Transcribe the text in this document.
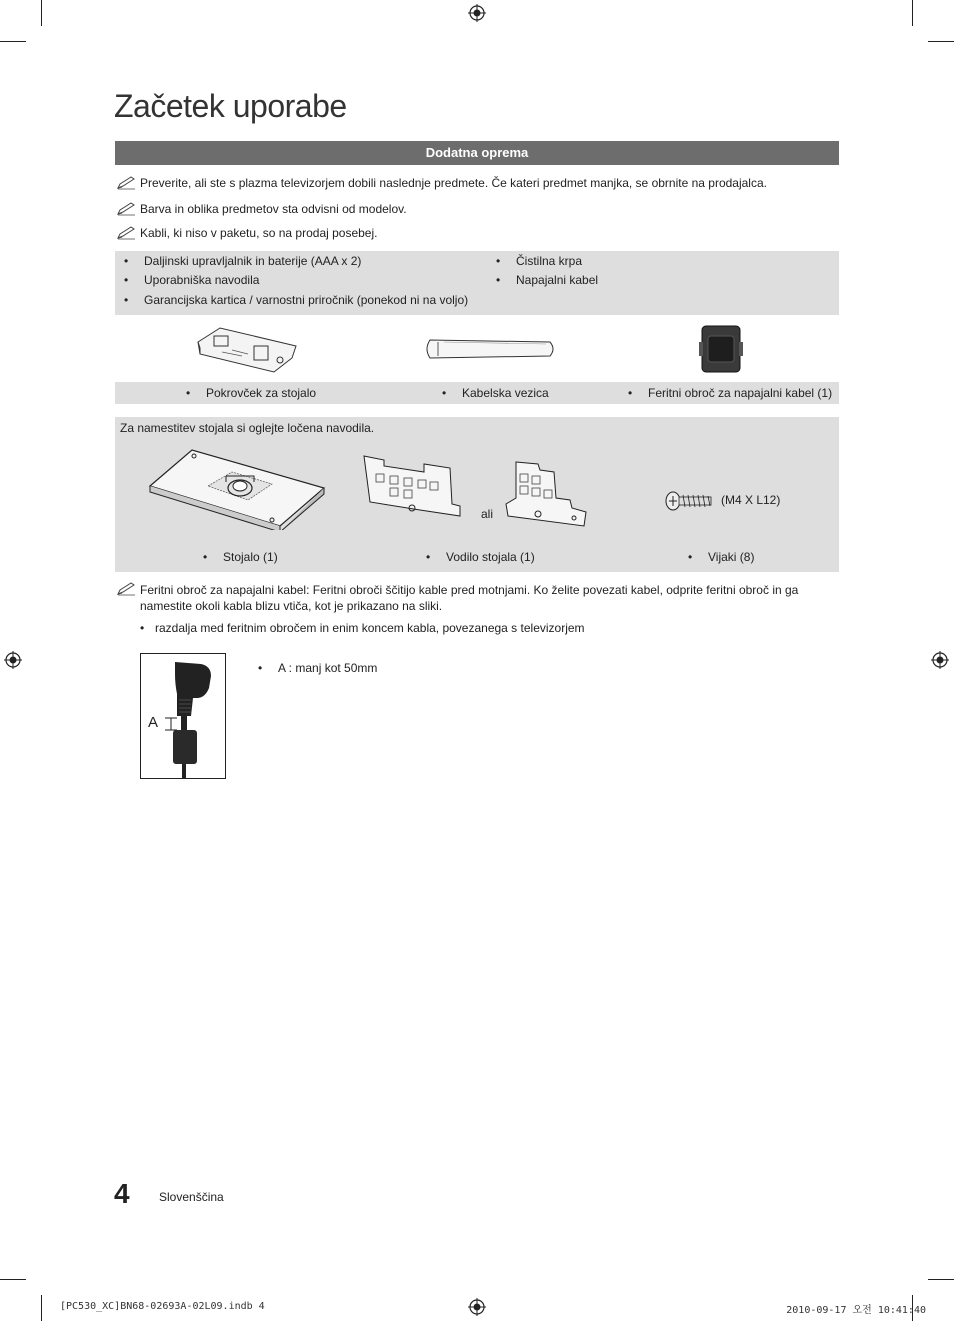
Začetek uporabe
Dodatna oprema
Preverite, ali ste s plazma televizorjem dobili naslednje predmete. Če kateri predmet manjka, se obrnite na prodajalca.
Barva in oblika predmetov sta odvisni od modelov.
Kabli, ki niso v paketu, so na prodaj posebej.
• Daljinski upravljalnik in baterije (AAA x 2)
• Uporabniška navodila
• Garancijska kartica / varnostni priročnik (ponekod ni na voljo)
• Čistilna krpa
• Napajalni kabel
• Pokrovček za stojalo	• Kabelska vezica	• Feritni obroč za napajalni kabel (1)
Za namestitev stojala si oglejte ločena navodila.
ali
(M4 X L12)
• Stojalo (1)	• Vodilo stojala (1)	• Vijaki (8)
Feritni obroč za napajalni kabel: Feritni obroči ščitijo kable pred motnjami. Ko želite povezati kabel, odprite feritni obroč in ga namestite okoli kabla blizu vtiča, kot je prikazano na sliki.
• razdalja med feritnim obročem in enim koncem kabla, povezanega s televizorjem
A
• A : manj kot 50mm
4 Slovenščina
[PC530_XC]BN68-02693A-02L09.indb 4	2010-09-17 오전 10:41:40
